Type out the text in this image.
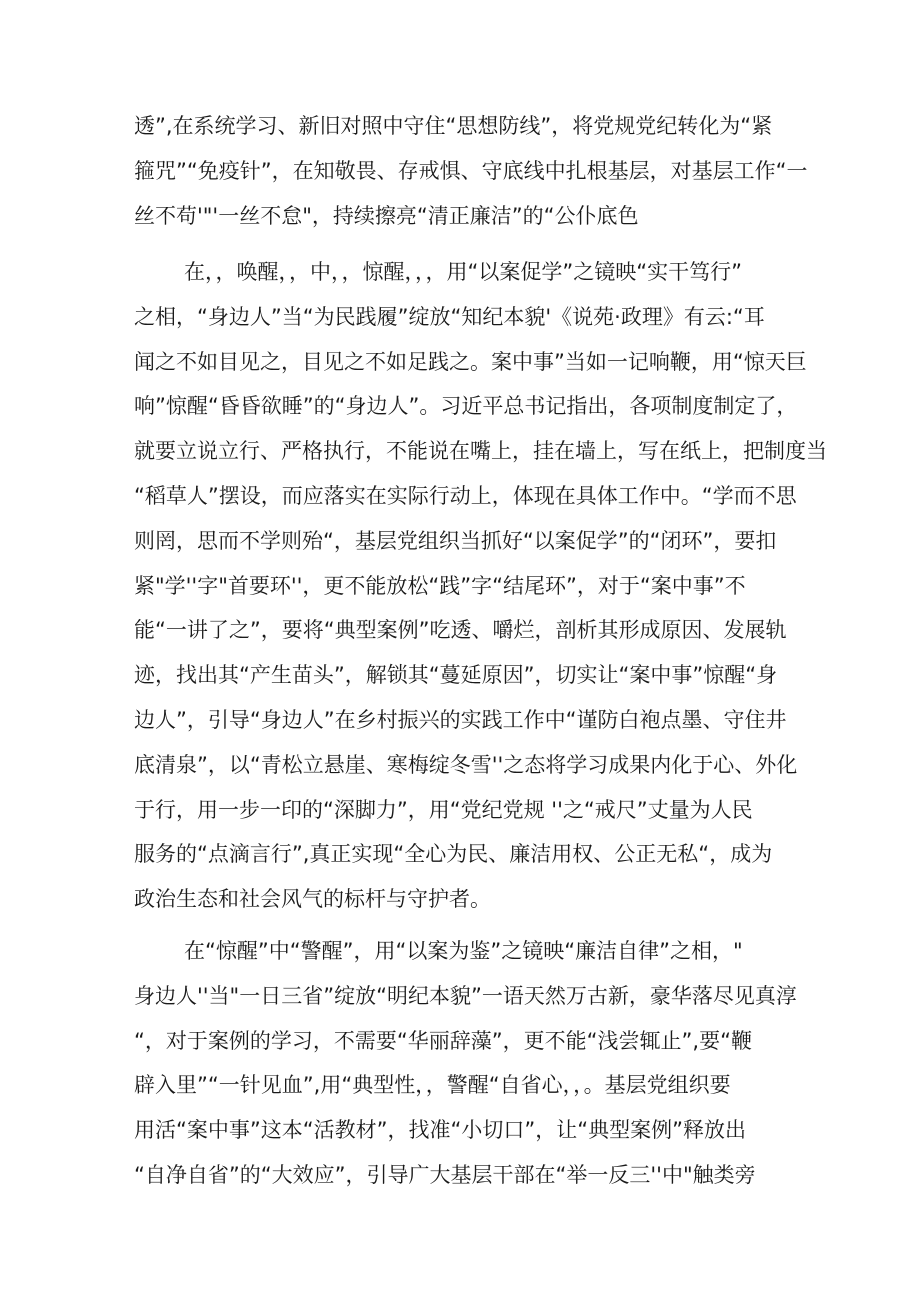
透”,在系统学习、新旧对照中守住“思想防线”，将党规党纪转化为“紧

箍咒”“免疫针”，在知敬畏、存戒惧、守底线中扎根基层，对基层工作“一

丝不苟'"'一丝不怠"，持续擦亮“清正廉洁”的“公仆底色

在，，唤醒，，中，，惊醒，，，用“以案促学”之镜映“实干笃行”

之相，“身边人”当“为民践履”绽放“知纪本貌'《说苑·政理》有云:“耳

闻之不如目见之，目见之不如足践之。案中事”当如一记响鞭，用“惊天巨

响”惊醒“昏昏欲睡”的“身边人”。习近平总书记指出，各项制度制定了，

就要立说立行、严格执行，不能说在嘴上，挂在墙上，写在纸上，把制度当

“稻草人”摆设，而应落实在实际行动上，体现在具体工作中。“学而不思

则罔，思而不学则殆“，基层党组织当抓好“以案促学”的“闭环”，要扣

紧"学''字"首要环''，更不能放松“践”字“结尾环”，对于“案中事”不

能“一讲了之”，要将“典型案例”吃透、嚼烂，剖析其形成原因、发展轨

迹，找出其“产生苗头”，解锁其“蔓延原因”，切实让“案中事”惊醒“身

边人”，引导“身边人”在乡村振兴的实践工作中“谨防白袍点墨、守住井

底清泉”，以“青松立悬崖、寒梅绽冬雪''之态将学习成果内化于心、外化

于行，用一步一印的“深脚力”，用“党纪党规 ''之“戒尺”丈量为人民

服务的“点滴言行”,真正实现“全心为民、廉洁用权、公正无私“，成为

政治生态和社会风气的标杆与守护者。

在“惊醒”中“警醒”，用“以案为鉴”之镜映“廉洁自律”之相，"

身边人''当"一日三省”绽放“明纪本貌”一语天然万古新，豪华落尽见真淳

“，对于案例的学习，不需要“华丽辞藻”，更不能“浅尝辄止”,要“鞭

辟入里”“一针见血”,用“典型性，，警醒“自省心，，。基层党组织要

用活“案中事”这本“活教材”，找准“小切口”，让“典型案例”释放出

“自净自省”的“大效应”，引导广大基层干部在“举一反三''中"触类旁
